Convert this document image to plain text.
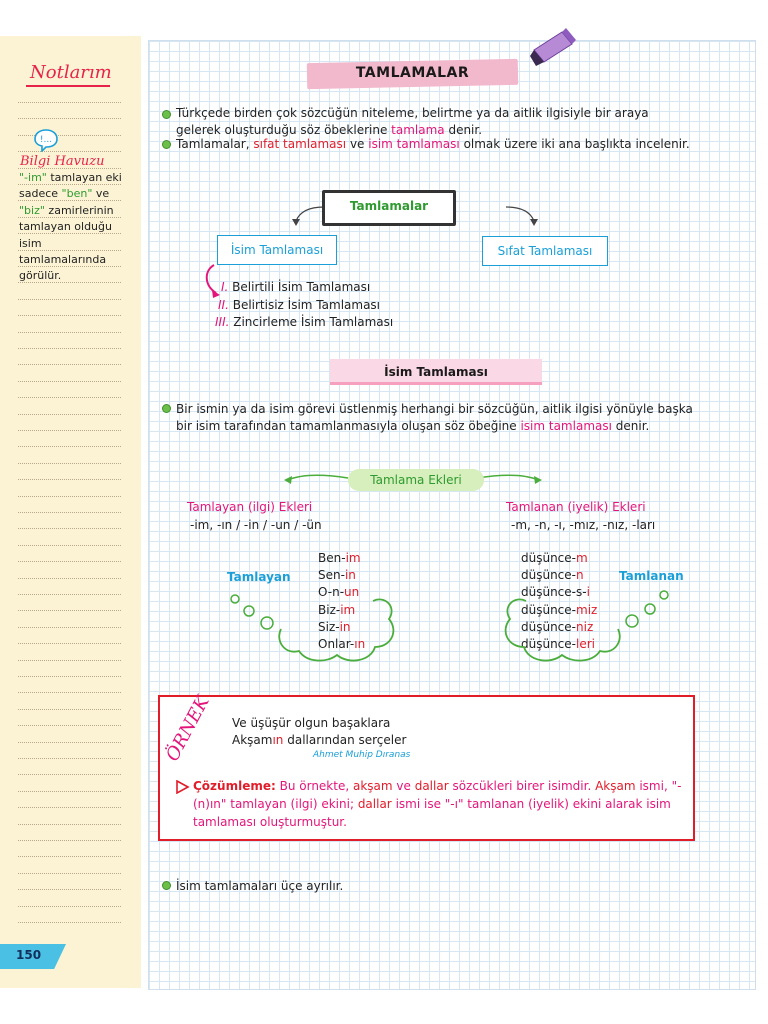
Notlarım
!...
Bilgi Havuzu
"-im" tamlayan eki sadece "ben" ve "biz" zamirlerinin tamlayan olduğu isim tamlamalarında görülür.
150
TAMLAMALAR
Türkçede birden çok sözcüğün niteleme, belirtme ya da aitlik ilgisiyle bir araya gelerek oluşturduğu söz öbeklerine tamlama denir.
Tamlamalar, sıfat tamlaması ve isim tamlaması olmak üzere iki ana başlıkta incelenir.
Tamlamalar
İsim Tamlaması	Sıfat Tamlaması
I. Belirtili İsim Tamlaması
II. Belirtisiz İsim Tamlaması
III. Zincirleme İsim Tamlaması
İsim Tamlaması
Bir ismin ya da isim görevi üstlenmiş herhangi bir sözcüğün, aitlik ilgisi yönüyle başka bir isim tarafından tamamlanmasıyla oluşan söz öbeğine isim tamlaması denir.
Tamlama Ekleri
Tamlayan (ilgi) Ekleri
-im, -ın / -in / -un / -ün
Tamlanan (iyelik) Ekleri
-m, -n, -ı, -mız, -nız, -ları
Ben-im
Sen-in
O-n-un
Biz-im
Siz-in
Onlar-ın
düşünce-m
düşünce-n
düşünce-s-i
düşünce-miz
düşünce-niz
düşünce-leri
Tamlayan	Tamlanan
ÖRNEK Ve üşüşür olgun başaklara
Akşamın dallarından serçeler
Ahmet Muhip Dıranas
Çözümleme: Bu örnekte, akşam ve dallar sözcükleri birer isimdir. Akşam ismi, "-(n)ın" tamlayan (ilgi) ekini; dallar ismi ise "-ı" tamlanan (iyelik) ekini alarak isim tamlaması oluşturmuştur.
İsim tamlamaları üçe ayrılır.
